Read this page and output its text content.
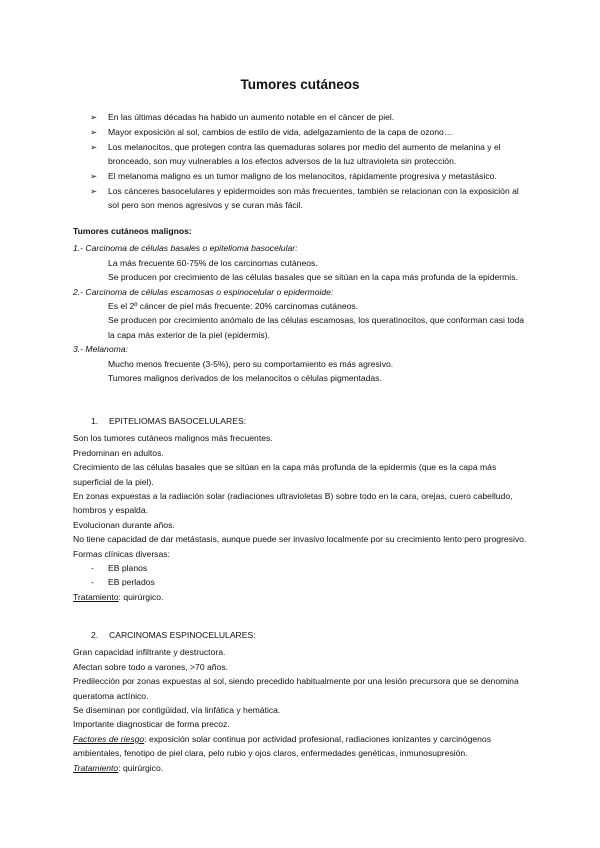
Tumores cutáneos
➢ En las últimas décadas ha habido un aumento notable en el cáncer de piel.
➢ Mayor exposición al sol, cambios de estilo de vida, adelgazamiento de la capa de ozono…
➢ Los melanocitos, que protegen contra las quemaduras solares por medio del aumento de melanina y el bronceado, son muy vulnerables a los efectos adversos de la luz ultravioleta sin protección.
➢ El melanoma maligno es un tumor maligno de los melanocitos, rápidamente progresiva y metastásico.
➢ Los cánceres basocelulares y epidermoides son más frecuentes, también se relacionan con la exposición al sol pero son menos agresivos y se curan más fácil.
Tumores cutáneos malignos:
1.- Carcinoma de células basales o epitelioma basocelular:
La más frecuente 60-75% de los carcinomas cutáneos.
Se producen por crecimiento de las células basales que se sitúan en la capa más profunda de la epidermis.
2.- Carcinoma de células escamosas o espinocelular o epidermoide:
Es el 2º cáncer de piel más frecuente: 20% carcinomas cutáneos.
Se producen por crecimiento anómalo de las células escamosas, los queratinocitos, que conforman casi toda la capa más exterior de la piel (epidermis).
3.- Melanoma:
Mucho menos frecuente (3-5%), pero su comportamiento es más agresivo.
Tumores malignos derivados de los melanocitos o células pigmentadas.
1. EPITELIOMAS BASOCELULARES:
Son los tumores cutáneos malignos más frecuentes.
Predominan en adultos.
Crecimiento de las células basales que se sitúan en la capa más profunda de la epidermis (que es la capa más superficial de la piel).
En zonas expuestas a la radiación solar (radiaciones ultravioletas B) sobre todo en la cara, orejas, cuero cabelludo, hombros y espalda.
Evolucionan durante años.
No tiene capacidad de dar metástasis, aunque puede ser invasivo localmente por su crecimiento lento pero progresivo.
Formas clínicas diversas:
- EB planos
- EB perlados
Tratamiento: quirúrgico.
2. CARCINOMAS ESPINOCELULARES:
Gran capacidad infiltrante y destructora.
Afectan sobre todo a varones, >70 años.
Predilección por zonas expuestas al sol, siendo precedido habitualmente por una lesión precursora que se denomina queratoma actínico.
Se diseminan por contigüidad, vía linfática y hemática.
Importante diagnosticar de forma precoz.
Factores de riesgo: exposición solar continua por actividad profesional, radiaciones ionizantes y carcinógenos ambientales, fenotipo de piel clara, pelo rubio y ojos claros, enfermedades genéticas, inmunosupresión.
Tratamiento: quirúrgico.
